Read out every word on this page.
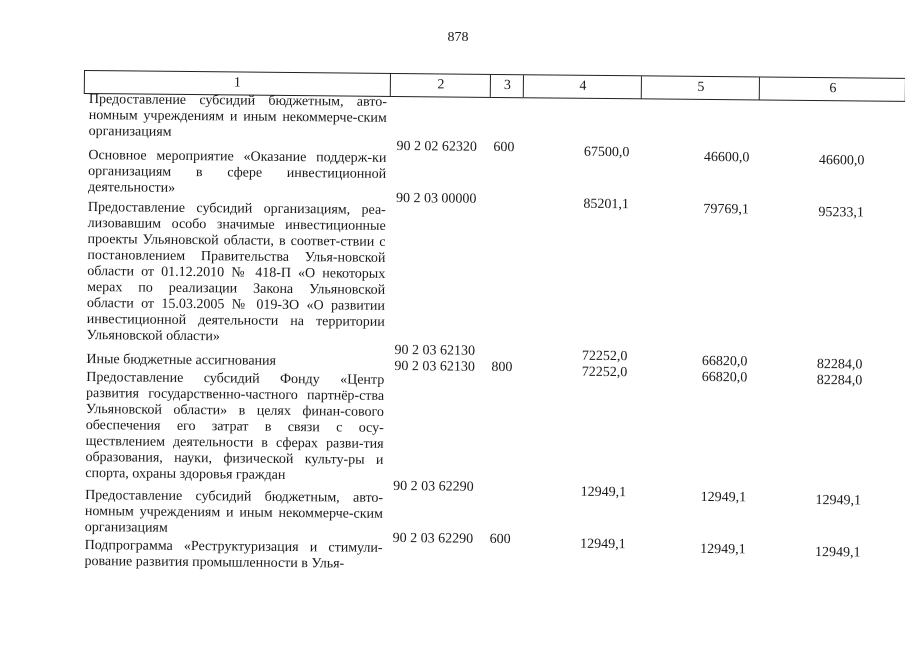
878
1	2	3	4	5	6
Предоставление субсидий бюджетным, авто-номным учреждениям и иным некоммерче-ским организациям
90 2 02 62320 600	67500,0	46600,0	46600,0
Основное мероприятие «Оказание поддерж-ки организациям в сфере инвестиционной деятельности»
90 2 03 00000	85201,1	79769,1	95233,1
Предоставление субсидий организациям, реа-лизовавшим особо значимые инвестиционные проекты Ульяновской области, в соответ-ствии с постановлением Правительства Улья-новской области от 01.12.2010 № 418-П «О некоторых мерах по реализации Закона Ульяновской области от 15.03.2005 № 019-ЗО «О развитии инвестиционной деятельности на территории Ульяновской области»
90 2 03 62130	72252,0	66820,0	82284,0
Иные бюджетные ассигнования	90 2 03 62130 800	72252,0	66820,0	82284,0
Предоставление субсидий Фонду «Центр развития государственно-частного партнёр-ства Ульяновской области» в целях финан-сового обеспечения его затрат в связи с осу-ществлением деятельности в сферах разви-тия образования, науки, физической культу-ры и спорта, охраны здоровья граждан
90 2 03 62290	12949,1	12949,1	12949,1
Предоставление субсидий бюджетным, авто-номным учреждениям и иным некоммерче-ским организациям
90 2 03 62290 600	12949,1	12949,1	12949,1
Подпрограмма «Реструктуризация и стимули-рование развития промышленности в Улья-
